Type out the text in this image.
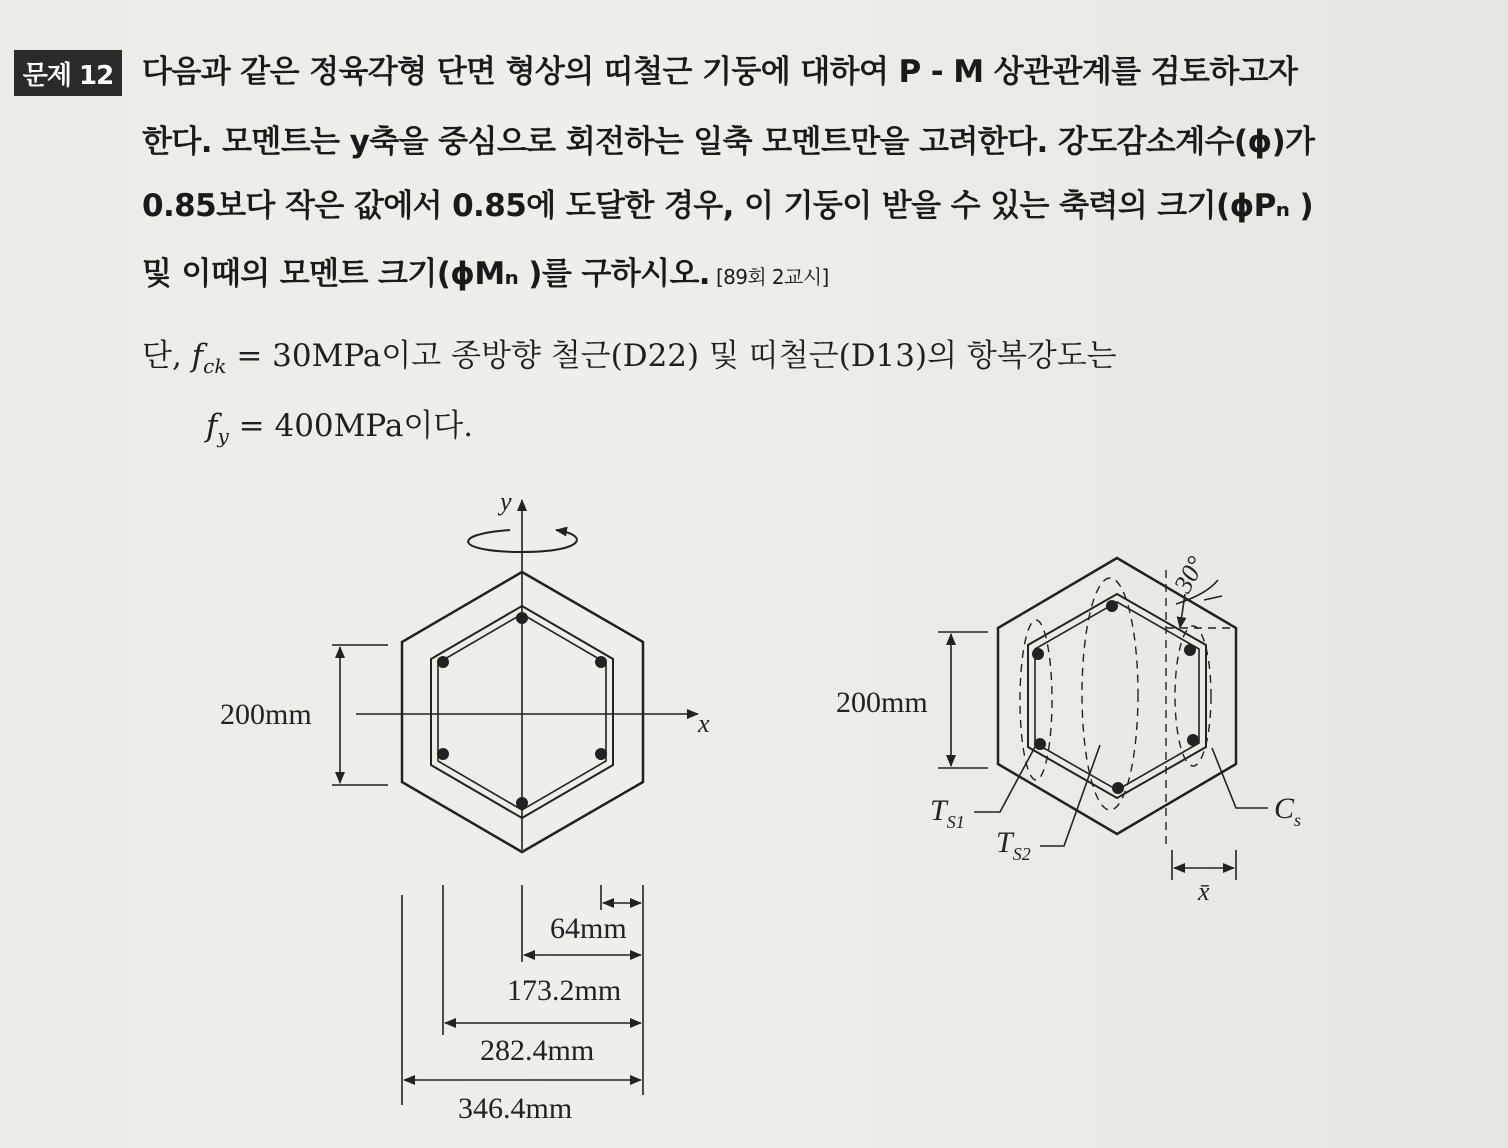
문제 12 다음과 같은 정육각형 단면 형상의 띠철근 기둥에 대하여 P - M 상관관계를 검토하고자
한다. 모멘트는 y축을 중심으로 회전하는 일축 모멘트만을 고려한다. 강도감소계수(ϕ)가
0.85보다 작은 값에서 0.85에 도달한 경우, 이 기둥이 받을 수 있는 축력의 크기(ϕPₙ )
및 이때의 모멘트 크기(ϕMₙ )를 구하시오. [89회 2교시]
단, $f_{ck} = 30MPa$이고 종방향 철근(D22) 및 띠철근(D13)의 항복강도는
$f_y = 400MPa$이다.
y
x
200mm
64mm
173.2mm
282.4mm
346.4mm
200mm
30°
$T_{S1}$
$T_{S2}$
$C_s$
x̄
